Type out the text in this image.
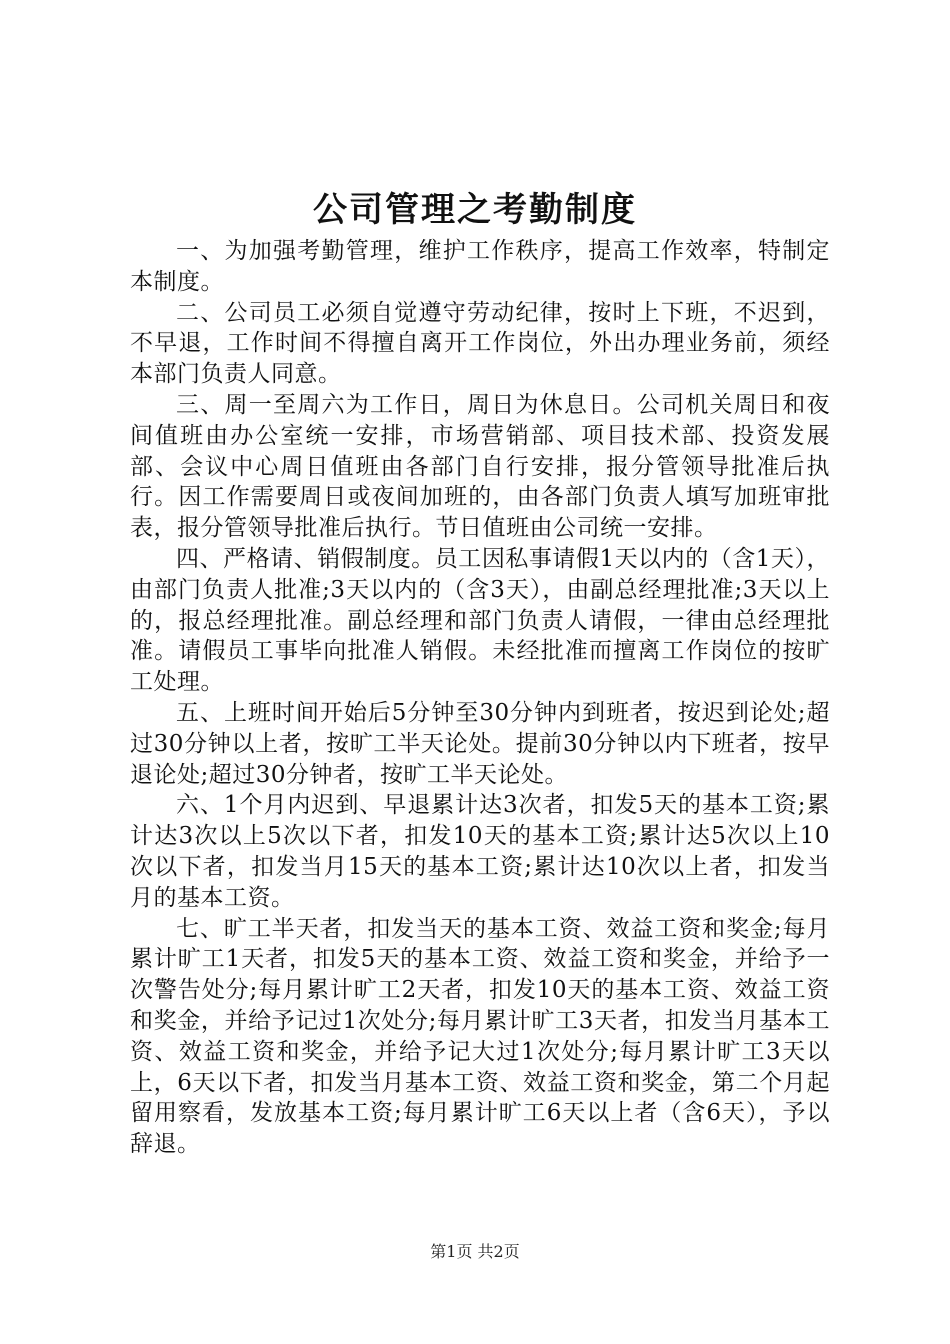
公司管理之考勤制度

一、为加强考勤管理，维护工作秩序，提高工作效率，特制定本制度。

二、公司员工必须自觉遵守劳动纪律，按时上下班，不迟到，不早退，工作时间不得擅自离开工作岗位，外出办理业务前，须经本部门负责人同意。

三、周一至周六为工作日，周日为休息日。公司机关周日和夜间值班由办公室统一安排，市场营销部、项目技术部、投资发展部、会议中心周日值班由各部门自行安排，报分管领导批准后执行。因工作需要周日或夜间加班的，由各部门负责人填写加班审批表，报分管领导批准后执行。节日值班由公司统一安排。

四、严格请、销假制度。员工因私事请假1天以内的（含1天），由部门负责人批准;3天以内的（含3天），由副总经理批准;3天以上的，报总经理批准。副总经理和部门负责人请假，一律由总经理批准。请假员工事毕向批准人销假。未经批准而擅离工作岗位的按旷工处理。

五、上班时间开始后5分钟至30分钟内到班者，按迟到论处;超过30分钟以上者，按旷工半天论处。提前30分钟以内下班者，按早退论处;超过30分钟者，按旷工半天论处。

六、1个月内迟到、早退累计达3次者，扣发5天的基本工资;累计达3次以上5次以下者，扣发10天的基本工资;累计达5次以上10次以下者，扣发当月15天的基本工资;累计达10次以上者，扣发当月的基本工资。

七、旷工半天者，扣发当天的基本工资、效益工资和奖金;每月累计旷工1天者，扣发5天的基本工资、效益工资和奖金，并给予一次警告处分;每月累计旷工2天者，扣发10天的基本工资、效益工资和奖金，并给予记过1次处分;每月累计旷工3天者，扣发当月基本工资、效益工资和奖金，并给予记大过1次处分;每月累计旷工3天以上，6天以下者，扣发当月基本工资、效益工资和奖金，第二个月起留用察看，发放基本工资;每月累计旷工6天以上者（含6天），予以辞退。

第1页 共2页
